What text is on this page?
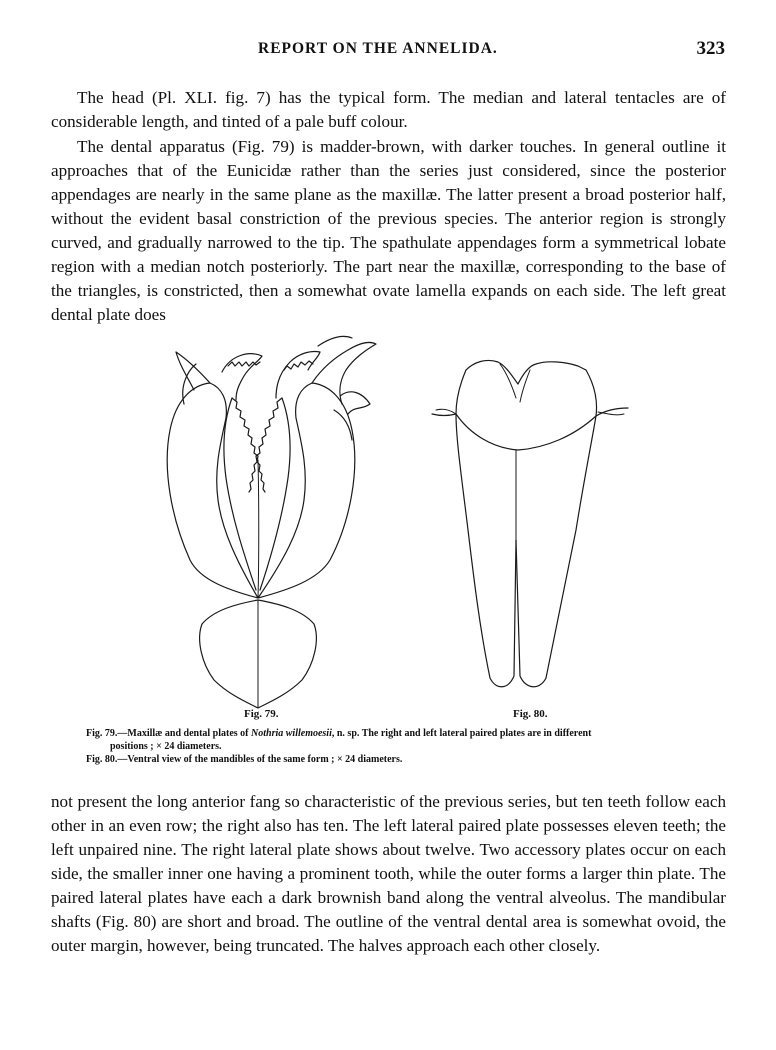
REPORT ON THE ANNELIDA.	323

The head (Pl. XLI. fig. 7) has the typical form. The median and lateral tentacles are of considerable length, and tinted of a pale buff colour.

The dental apparatus (Fig. 79) is madder-brown, with darker touches. In general outline it approaches that of the Eunicidæ rather than the series just considered, since the posterior appendages are nearly in the same plane as the maxillæ. The latter present a broad posterior half, without the evident basal constriction of the previous species. The anterior region is strongly curved, and gradually narrowed to the tip. The spathulate appendages form a symmetrical lobate region with a median notch posteriorly. The part near the maxillæ, corresponding to the base of the triangles, is constricted, then a somewhat ovate lamella expands on each side. The left great dental plate does

Fig. 79.	Fig. 80.
Fig. 79.—Maxillæ and dental plates of Nothria willemoesii, n. sp. The right and left lateral paired plates are in different
positions ; × 24 diameters.
Fig. 80.—Ventral view of the mandibles of the same form ; × 24 diameters.

not present the long anterior fang so characteristic of the previous series, but ten teeth follow each other in an even row; the right also has ten. The left lateral paired plate possesses eleven teeth; the left unpaired nine. The right lateral plate shows about twelve. Two accessory plates occur on each side, the smaller inner one having a prominent tooth, while the outer forms a larger thin plate. The paired lateral plates have each a dark brownish band along the ventral alveolus. The mandibular shafts (Fig. 80) are short and broad. The outline of the ventral dental area is somewhat ovoid, the outer margin, however, being truncated. The halves approach each other closely.
